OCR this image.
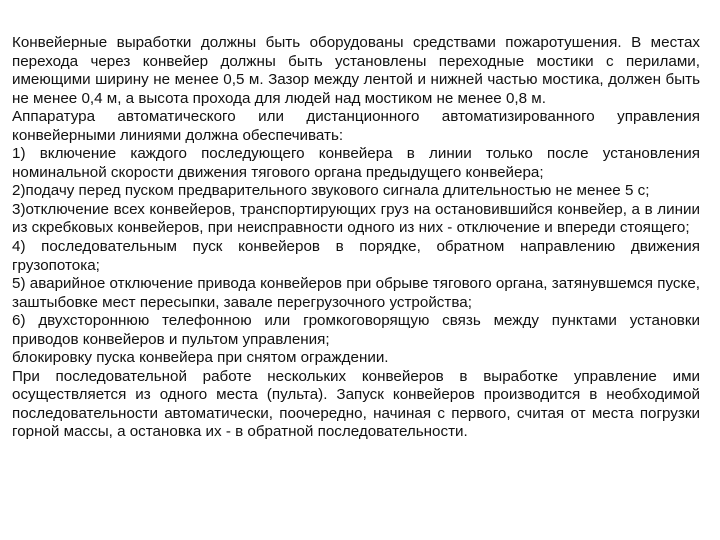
Конвейерные выработки должны быть оборудованы средствами пожаротушения. В местах перехода через конвейер должны быть установлены переходные мостики с перилами, имеющими ширину не менее 0,5 м. Зазор между лентой и нижней частью мостика, должен быть не менее 0,4 м, а высота прохода для людей над мостиком не менее 0,8 м.

Аппаратура автоматического или дистанционного автоматизированного управления конвейерными линиями должна обеспечивать:

1) включение каждого последующего конвейера в линии только после установления номинальной скорости движения тягового органа предыдущего конвейера;

2)подачу перед пуском предварительного звукового сигнала длительностью не менее 5 с;

3)отключение всех конвейеров, транспортирующих груз на остановившийся конвейер, а в линии из скребковых конвейеров, при неисправности одного из них - отключение и впереди стоящего;

4) последовательным пуск конвейеров в порядке, обратном направлению движения грузопотока;

5) аварийное отключение привода конвейеров при обрыве тягового органа, затянувшемся пуске, заштыбовке мест пересыпки, завале перегрузочного устройства;

6) двухстороннюю телефонною или громкоговорящую связь между пунктами установки приводов конвейеров и пультом управления;

блокировку пуска конвейера при снятом ограждении.

При последовательной работе нескольких конвейеров в выработке управление ими осуществляется из одного места (пульта). Запуск конвейеров производится в необходимой последовательности автоматически, поочередно, начиная с первого, считая от места погрузки горной массы, а остановка их - в обратной последовательности.
